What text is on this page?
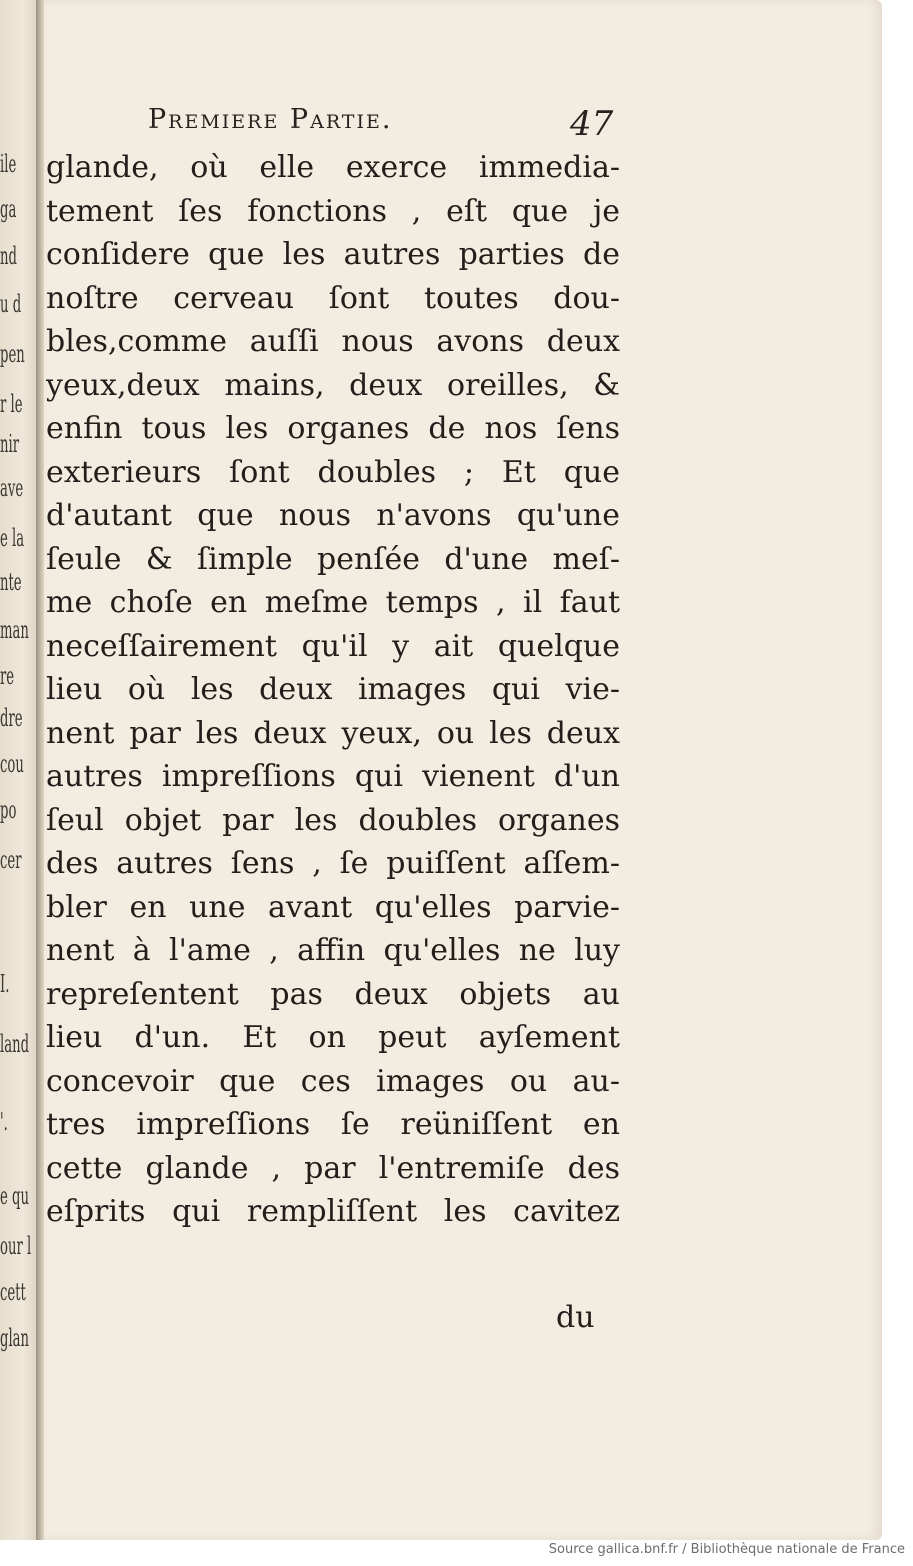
ile
ga
nd
u d
pen
r le
nir
ave
e la
nte
man
re
dre
cou
po
cer
I.
land
'.
e qu
our l
cett
glan
Premiere Partie.	47
glande, où elle exerce immedia-
tement ſes fonctions , eſt que je
conſidere que les autres parties de
noſtre cerveau ſont toutes dou-
bles,comme auſſi nous avons deux
yeux,deux mains, deux oreilles, &
enfin tous les organes de nos ſens
exterieurs ſont doubles ; Et que
d'autant que nous n'avons qu'une
ſeule & ſimple penſée d'une meſ-
me choſe en meſme temps , il faut
neceſſairement qu'il y ait quelque
lieu où les deux images qui vie-
nent par les deux yeux, ou les deux
autres impreſſions qui vienent d'un
ſeul objet par les doubles organes
des autres ſens , ſe puiſſent aſſem-
bler en une avant qu'elles parvie-
nent à l'ame , affin qu'elles ne luy
repreſentent pas deux objets au
lieu d'un. Et on peut ayſement
concevoir que ces images ou au-
tres impreſſions ſe reüniſſent en
cette glande , par l'entremiſe des
eſprits qui rempliſſent les cavitez
du
Source gallica.bnf.fr / Bibliothèque nationale de France
